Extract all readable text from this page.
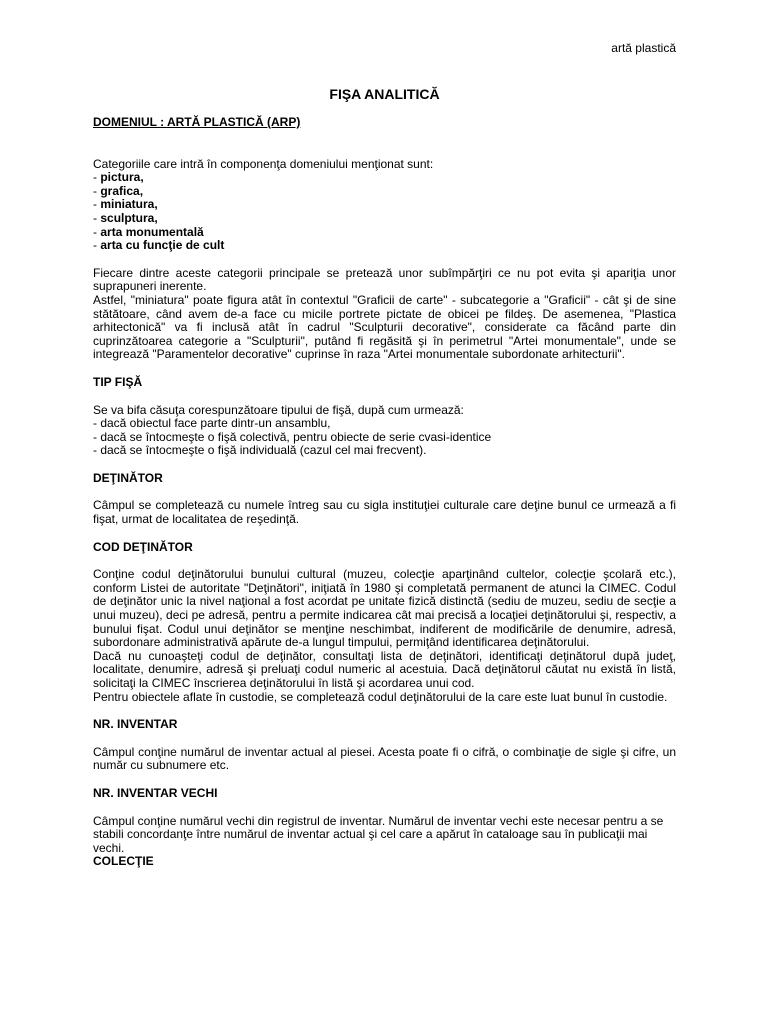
artă plastică
FIŞA ANALITICĂ
DOMENIUL : ARTĂ PLASTICĂ (ARP)

Categoriile care intră în componenţa domeniului menţionat sunt:

- pictura,
- grafica,
- miniatura,
- sculptura,
- arta monumentală
- arta cu funcţie de cult

Fiecare dintre aceste categorii principale se pretează unor subîmpărţiri ce nu pot evita şi apariţia unor suprapuneri inerente.

Astfel, "miniatura" poate figura atât în contextul "Graficii de carte" - subcategorie a "Graficii" - cât şi de sine stătătoare, când avem de-a face cu micile portrete pictate de obicei pe fildeş. De asemenea, "Plastica arhitectonică" va fi inclusă atât în cadrul "Sculpturii decorative", considerate ca făcând parte din cuprinzătoarea categorie a "Sculpturii", putând fi regăsită şi în perimetrul "Artei monumentale", unde se integrează "Paramentelor decorative" cuprinse în raza "Artei monumentale subordonate arhitecturii".

TIP FIŞĂ

Se va bifa căsuţa corespunzătoare tipului de fişă, după cum urmează:

- dacă obiectul face parte dintr-un ansamblu,

- dacă se întocmeşte o fişă colectivă, pentru obiecte de serie cvasi-identice

- dacă se întocmeşte o fişă individuală (cazul cel mai frecvent).

DEŢINĂTOR

Câmpul se completează cu numele întreg sau cu sigla instituţiei culturale care deţine bunul ce urmează a fi fişat, urmat de localitatea de reşedinţă.

COD DEŢINĂTOR

Conţine codul deţinătorului bunului cultural (muzeu, colecţie aparţinând cultelor, colecţie şcolară etc.), conform Listei de autoritate "Deţinători", iniţiată în 1980 şi completată permanent de atunci la CIMEC. Codul de deţinător unic la nivel naţional a fost acordat pe unitate fizică distinctă (sediu de muzeu, sediu de secţie a unui muzeu), deci pe adresă, pentru a permite indicarea cât mai precisă a locaţiei deţinătorului şi, respectiv, a bunului fişat. Codul unui deţinător se menţine neschimbat, indiferent de modificările de denumire, adresă, subordonare administrativă apărute de-a lungul timpului, permiţând identificarea deţinătorului.

Dacă nu cunoaşteţi codul de deţinător, consultaţi lista de deţinători, identificaţi deţinătorul după judeţ, localitate, denumire, adresă şi preluaţi codul numeric al acestuia. Dacă deţinătorul căutat nu există în listă, solicitaţi la CIMEC înscrierea deţinătorului în listă şi acordarea unui cod.

Pentru obiectele aflate în custodie, se completează codul deţinătorului de la care este luat bunul în custodie.

NR. INVENTAR

Câmpul conţine numărul de inventar actual al piesei. Acesta poate fi o cifră, o combinaţie de sigle şi cifre, un număr cu subnumere etc.

NR. INVENTAR VECHI

Câmpul conţine numărul vechi din registrul de inventar. Numărul de inventar vechi este necesar pentru a se stabili concordanţe între numărul de inventar actual şi cel care a apărut în cataloage sau în publicaţii mai vechi.

COLECŢIE
